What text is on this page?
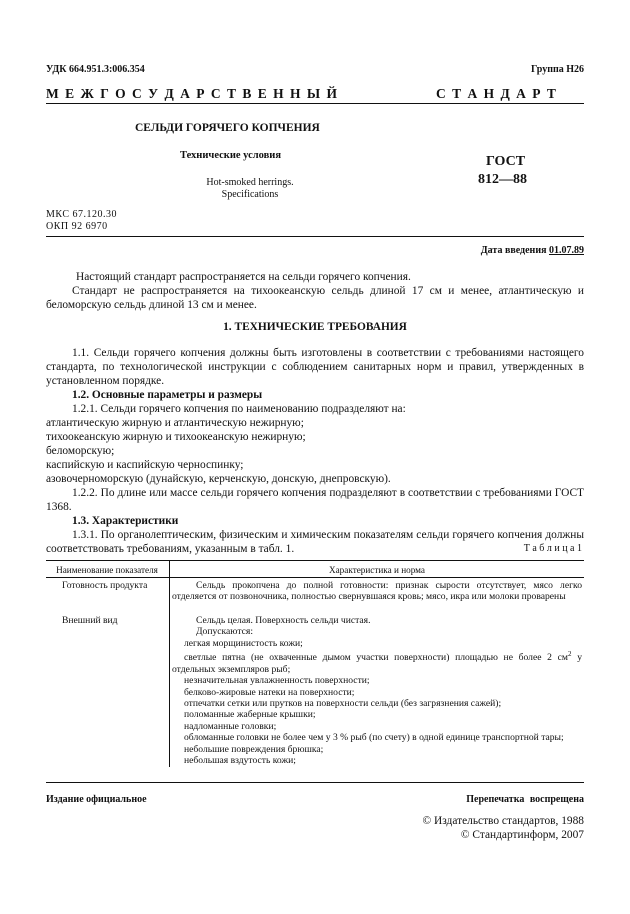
УДК 664.951.3:006.354	Группа Н26
М Е Ж Г О С У Д А Р С Т В Е Н Н Ы Й	С Т А Н Д А Р Т
СЕЛЬДИ ГОРЯЧЕГО КОПЧЕНИЯ
Технические условия
Hot-smoked herrings.
Specifications
ГОСТ
812—88
МКС 67.120.30
ОКП 92 6970
Дата введения 01.07.89
Настоящий стандарт распространяется на сельди горячего копчения.

Стандарт не распространяется на тихоокеанскую сельдь длиной 17 см и менее, атлантическую и беломорскую сельдь длиной 13 см и менее.

1. ТЕХНИЧЕСКИЕ ТРЕБОВАНИЯ

1.1. Сельди горячего копчения должны быть изготовлены в соответствии с требованиями настоящего стандарта, по технологической инструкции с соблюдением санитарных норм и правил, утвержденных в установленном порядке.

1.2. Основные параметры и размеры

1.2.1. Сельди горячего копчения по наименованию подразделяют на:

атлантическую жирную и атлантическую нежирную;

тихоокеанскую жирную и тихоокеанскую нежирную;

беломорскую;

каспийскую и каспийскую черноспинку;

азовочерноморскую (дунайскую, керченскую, донскую, днепровскую).

1.2.2. По длине или массе сельди горячего копчения подразделяют в соответствии с требованиями ГОСТ 1368.

1.3. Характеристики

1.3.1. По органолептическим, физическим и химическим показателям сельди горячего копчения должны соответствовать требованиям, указанным в табл. 1.	Т а б л и ц а 1
Наименование показателя	Характеристика и норма
Готовность продукта	Сельдь прокопчена до полной готовности: признак сырости отсутствует, мясо легко отделяется от позвоночника, полностью свернувшаяся кровь; мясо, икра или молоки проварены

Внешний вид	Сельдь целая. Поверхность сельди чистая.

Допускаются:

легкая морщинистость кожи;

светлые пятна (не охваченные дымом участки поверхности) площадью не более 2 $см^2$ у отдельных экземпляров рыб;

незначительная увлажненность поверхности;

белково-жировые натеки на поверхности;

отпечатки сетки или прутков на поверхности сельди (без загрязнения сажей);

поломанные жаберные крышки;

надломанные головки;

обломанные головки не более чем у 3 % рыб (по счету) в одной единице транспортной тары;

небольшие повреждения брюшка;

небольшая вздутость кожи;

Издание официальное	Перепечатка воспрещена
© Издательство стандартов, 1988
© Стандартинформ, 2007
